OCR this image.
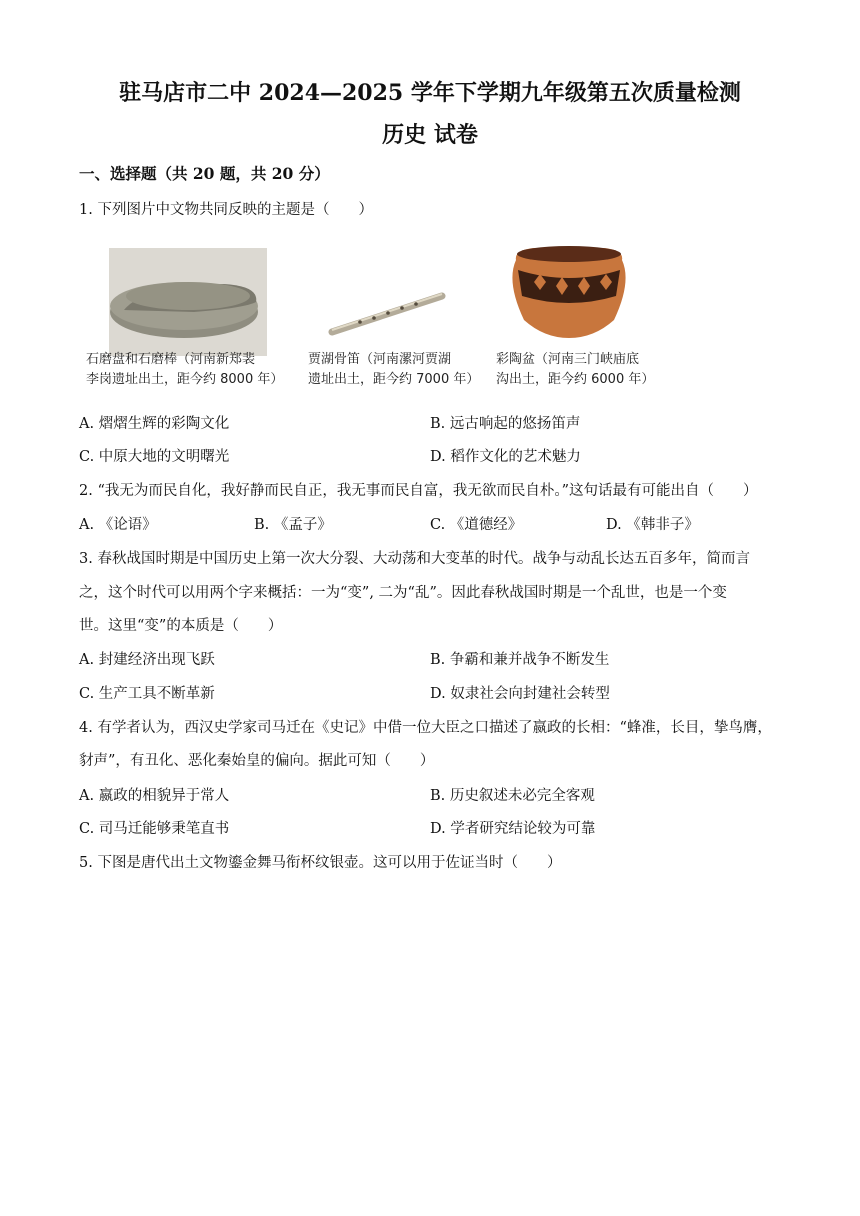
驻马店市二中 2024—2025 学年下学期九年级第五次质量检测
历史 试卷
一、选择题（共 20 题，共 20 分）
1. 下列图片中文物共同反映的主题是（　　）
石磨盘和石磨棒（河南新郑裴
李岗遗址出土，距今约 8000 年）
贾湖骨笛（河南漯河贾湖
遗址出土，距今约 7000 年）
彩陶盆（河南三门峡庙底
沟出土，距今约 6000 年）
A. 熠熠生辉的彩陶文化	B. 远古响起的悠扬笛声
C. 中原大地的文明曙光	D. 稻作文化的艺术魅力
2. “我无为而民自化，我好静而民自正，我无事而民自富，我无欲而民自朴。”这句话最有可能出自（　　）
A. 《论语》	B. 《孟子》	C. 《道德经》	D. 《韩非子》
3. 春秋战国时期是中国历史上第一次大分裂、大动荡和大变革的时代。战争与动乱长达五百多年，简而言
之，这个时代可以用两个字来概括：一为“变”, 二为“乱”。因此春秋战国时期是一个乱世，也是一个变
世。这里“变”的本质是（　　）
A. 封建经济出现飞跃	B. 争霸和兼并战争不断发生
C. 生产工具不断革新	D. 奴隶社会向封建社会转型
4. 有学者认为，西汉史学家司马迁在《史记》中借一位大臣之口描述了嬴政的长相：“蜂准，长目，挚鸟膺，
豺声”，有丑化、恶化秦始皇的偏向。据此可知（　　）
A. 嬴政的相貌异于常人	B. 历史叙述未必完全客观
C. 司马迁能够秉笔直书	D. 学者研究结论较为可靠
5. 下图是唐代出土文物鎏金舞马衔杯纹银壶。这可以用于佐证当时（　　）
